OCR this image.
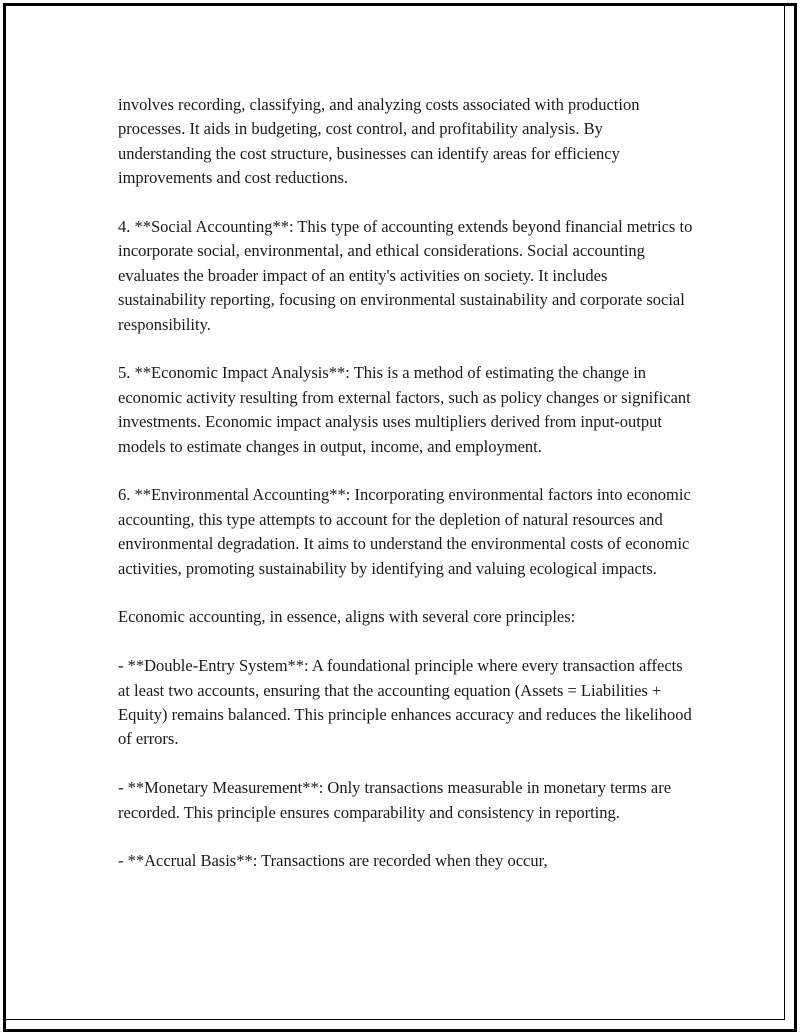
involves recording, classifying, and analyzing costs associated with production processes. It aids in budgeting, cost control, and profitability analysis. By understanding the cost structure, businesses can identify areas for efficiency improvements and cost reductions.

4. **Social Accounting**: This type of accounting extends beyond financial metrics to incorporate social, environmental, and ethical considerations. Social accounting evaluates the broader impact of an entity's activities on society. It includes sustainability reporting, focusing on environmental sustainability and corporate social responsibility.

5. **Economic Impact Analysis**: This is a method of estimating the change in economic activity resulting from external factors, such as policy changes or significant investments. Economic impact analysis uses multipliers derived from input-output models to estimate changes in output, income, and employment.

6. **Environmental Accounting**: Incorporating environmental factors into economic accounting, this type attempts to account for the depletion of natural resources and environmental degradation. It aims to understand the environmental costs of economic activities, promoting sustainability by identifying and valuing ecological impacts.

Economic accounting, in essence, aligns with several core principles:

- **Double-Entry System**: A foundational principle where every transaction affects at least two accounts, ensuring that the accounting equation (Assets = Liabilities + Equity) remains balanced. This principle enhances accuracy and reduces the likelihood of errors.

- **Monetary Measurement**: Only transactions measurable in monetary terms are recorded. This principle ensures comparability and consistency in reporting.

- **Accrual Basis**: Transactions are recorded when they occur,
